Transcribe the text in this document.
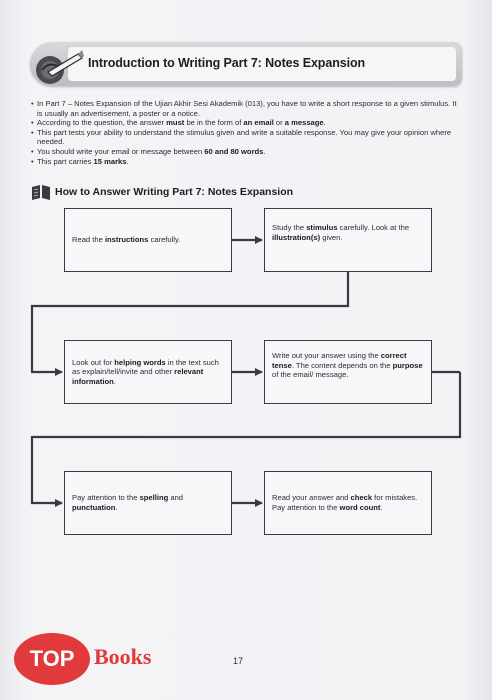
Introduction to Writing Part 7: Notes Expansion
• In Part 7 – Notes Expansion of the Ujian Akhir Sesi Akademik (013), you have to write a short response to a given stimulus. It is usually an advertisement, a poster or a notice.
• According to the question, the answer must be in the form of an email or a message.
• This part tests your ability to understand the stimulus given and write a suitable response. You may give your opinion where needed.
• You should write your email or message between 60 and 80 words.
• This part carries 15 marks.
How to Answer Writing Part 7: Notes Expansion
Read the instructions carefully.
Study the stimulus carefully. Look at the illustration(s) given.
Look out for helping words in the text such as explain/tell/invite and other relevant information.
Write out your answer using the correct tense. The content depends on the purpose of the email/ message.
Pay attention to the spelling and punctuation.
Read your answer and check for mistakes. Pay attention to the word count.
TOP Books	17
